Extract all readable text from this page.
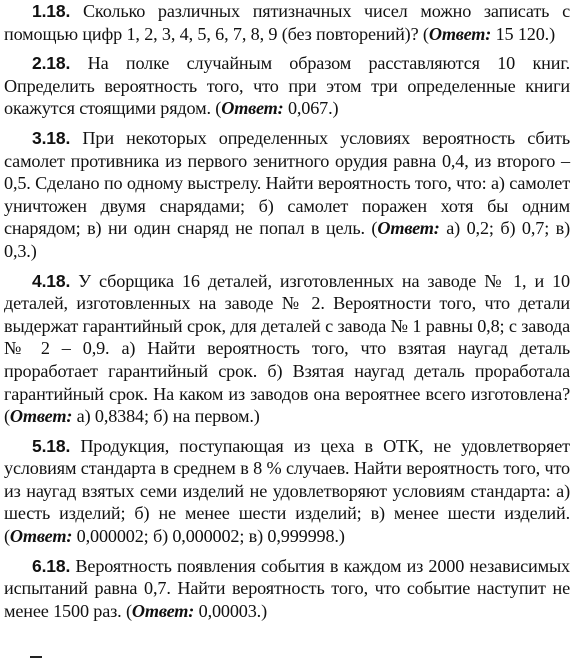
1.18. Сколько различных пятизначных чисел можно записать с помощью цифр 1, 2, 3, 4, 5, 6, 7, 8, 9 (без повторений)? (Ответ: 15 120.)

2.18. На полке случайным образом расставляются 10 книг. Определить вероятность того, что при этом три определенные книги окажутся стоящими рядом. (Ответ: 0,067.)

3.18. При некоторых определенных условиях вероятность сбить самолет противника из первого зенитного орудия равна 0,4, из второго – 0,5. Сделано по одному выстрелу. Найти вероятность того, что: а) самолет уничтожен двумя снарядами; б) самолет поражен хотя бы одним снарядом; в) ни один снаряд не попал в цель. (Ответ: а) 0,2; б) 0,7; в) 0,3.)

4.18. У сборщика 16 деталей, изготовленных на заводе № 1, и 10 деталей, изготовленных на заводе № 2. Вероятности того, что детали выдержат гарантийный срок, для деталей с завода № 1 равны 0,8; с завода № 2 – 0,9. а) Найти вероятность того, что взятая наугад деталь проработает гарантийный срок. б) Взятая наугад деталь проработала гарантийный срок. На каком из заводов она вероятнее всего изготовлена? (Ответ: а) 0,8384; б) на первом.)

5.18. Продукция, поступающая из цеха в ОТК, не удовлетворяет условиям стандарта в среднем в 8 % случаев. Найти вероятность того, что из наугад взятых семи изделий не удовлетворяют условиям стандарта: а) шесть изделий; б) не менее шести изделий; в) менее шести изделий. (Ответ: 0,000002; б) 0,000002; в) 0,999998.)

6.18. Вероятность появления события в каждом из 2000 независимых испытаний равна 0,7. Найти вероятность того, что событие наступит не менее 1500 раз. (Ответ: 0,00003.)
